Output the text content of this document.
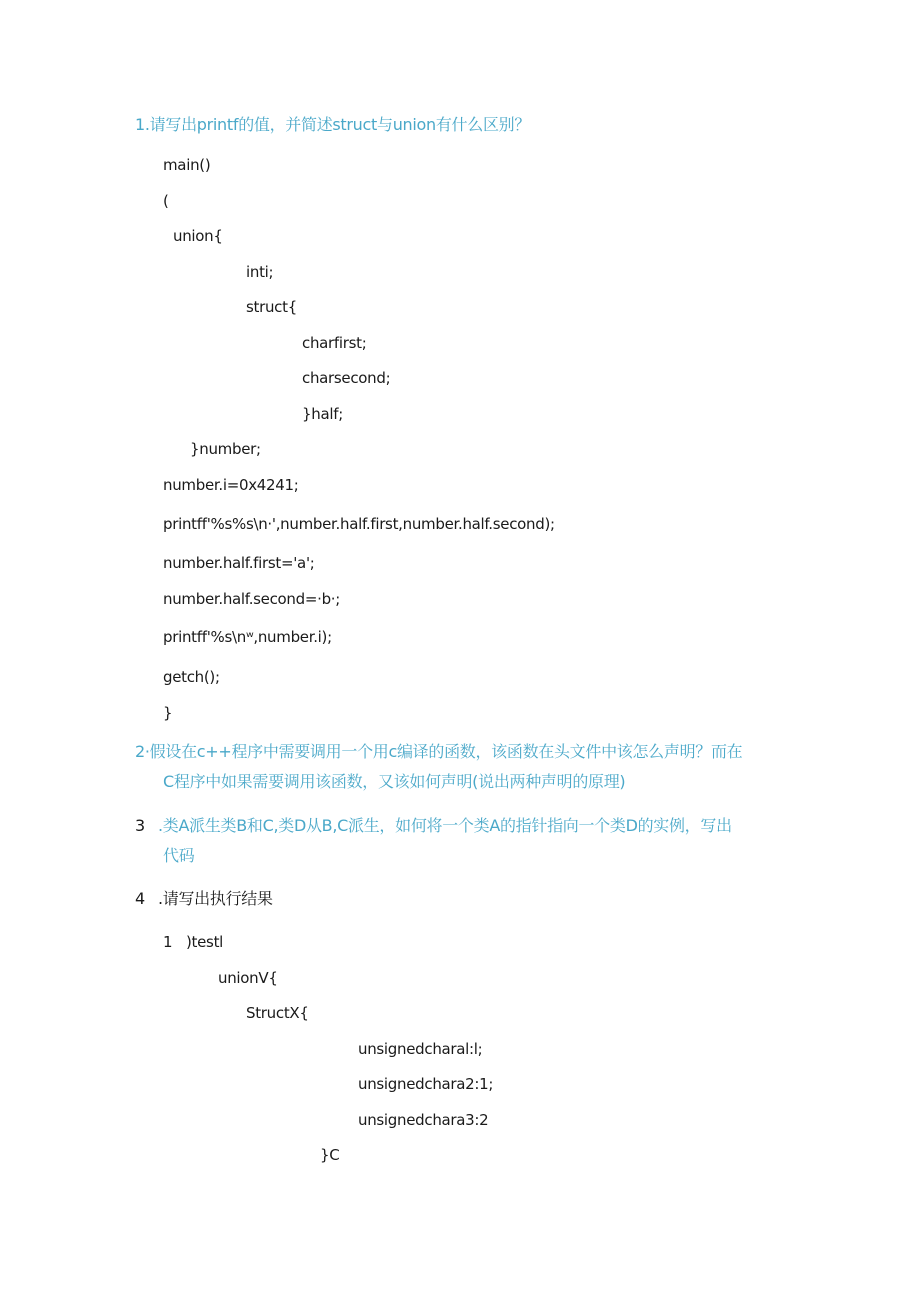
1.请写出printf的值，并简述struct与union有什么区别？
main()
(
union{
inti;
struct{
charfirst;
charsecond;
}half;
}number;
number.i=0x4241;
printff'%s%s\n·',number.half.first,number.half.second);
number.half.first='a';
number.half.second=·b·;
printff'%s\nʷ,number.i);
getch();
}
2·假设在c++程序中需要调用一个用c编译的函数，该函数在头文件中该怎么声明？而在
C程序中如果需要调用该函数，又该如何声明(说出两种声明的原理)
3 .类A派生类B和C,类D从B,C派生，如何将一个类A的指针指向一个类D的实例，写出
代码
4 .请写出执行结果
1 )testl
unionV{
StructX{
unsignedcharal:l;
unsignedchara2:1;
unsignedchara3:2
}C
